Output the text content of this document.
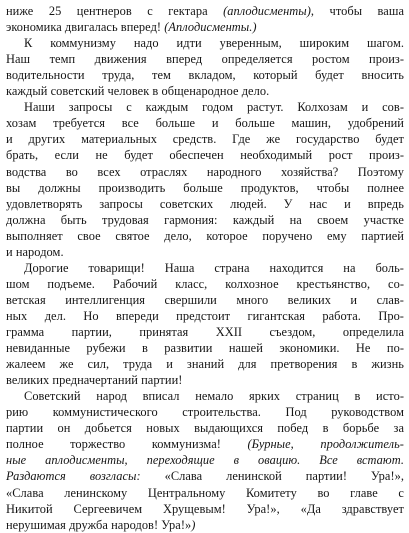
ниже 25 центнеров с гектара (аплодисменты), чтобы ваша
экономика двигалась вперед! (Аплодисменты.)
К коммунизму надо идти уверенным, широким шагом.
Наш темп движения вперед определяется ростом произ-
водительности труда, тем вкладом, который будет вносить
каждый советский человек в общенародное дело.
Наши запросы с каждым годом растут. Колхозам и сов-
хозам требуется все больше и больше машин, удобрений
и других материальных средств. Где же государство будет
брать, если не будет обеспечен необходимый рост произ-
водства во всех отраслях народного хозяйства? Поэтому
вы должны производить больше продуктов, чтобы полнее
удовлетворять запросы советских людей. У нас и впредь
должна быть трудовая гармония: каждый на своем участке
выполняет свое святое дело, которое поручено ему партией
и народом.
Дорогие товарищи! Наша страна находится на боль-
шом подъеме. Рабочий класс, колхозное крестьянство, со-
ветская интеллигенция свершили много великих и слав-
ных дел. Но впереди предстоит гигантская работа. Про-
грамма партии, принятая XXII съездом, определила
невиданные рубежи в развитии нашей экономики. Не по-
жалеем же сил, труда и знаний для претворения в жизнь
великих предначертаний партии!
Советский народ вписал немало ярких страниц в исто-
рию коммунистического строительства. Под руководством
партии он добьется новых выдающихся побед в борьбе за
полное торжество коммунизма! (Бурные, продолжитель-
ные аплодисменты, переходящие в овацию. Все встают.
Раздаются возгласы: «Слава ленинской партии! Ура!»,
«Слава ленинскому Центральному Комитету во главе с
Никитой Сергеевичем Хрущевым! Ура!», «Да здравствует
нерушимая дружба народов! Ура!»)
